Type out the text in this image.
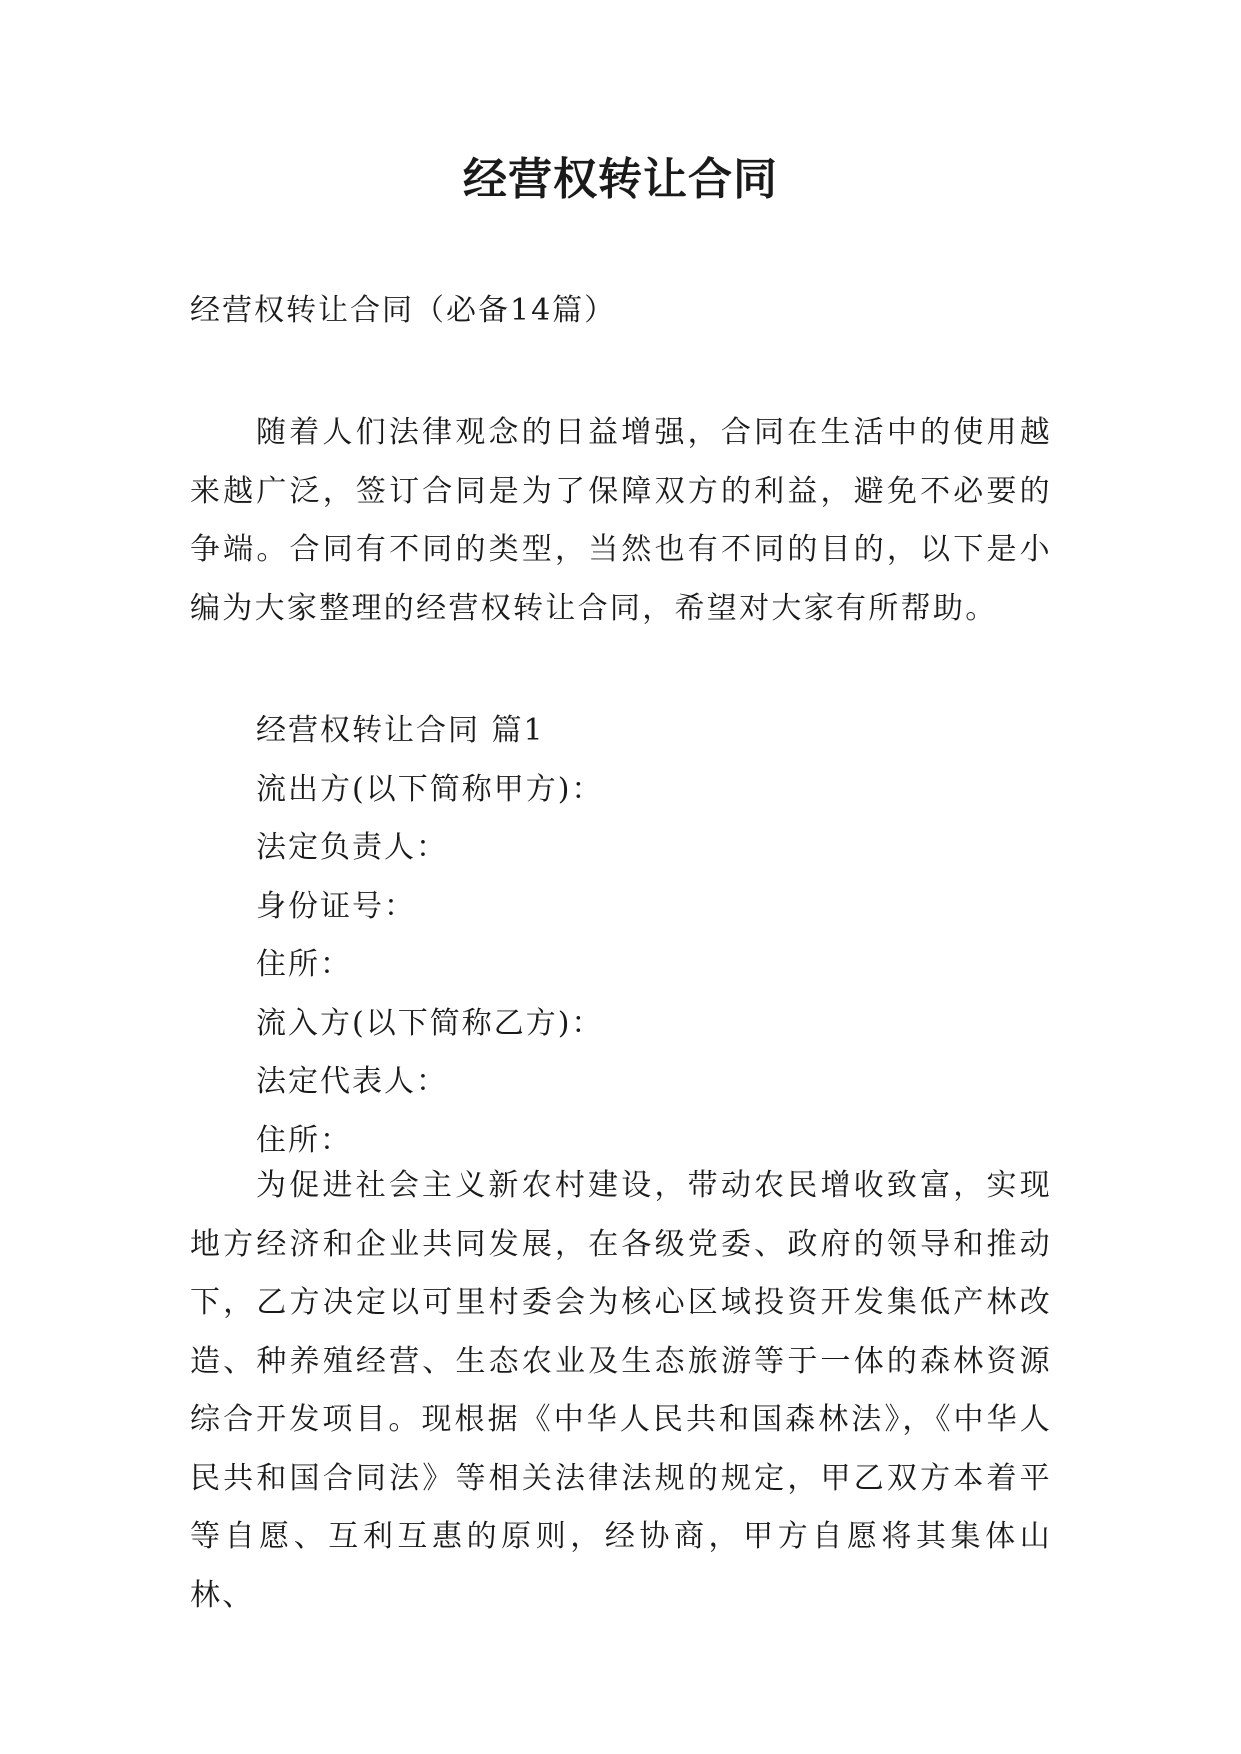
经营权转让合同

经营权转让合同（必备14篇）

随着人们法律观念的日益增强，合同在生活中的使用越来越广泛，签订合同是为了保障双方的利益，避免不必要的争端。合同有不同的类型，当然也有不同的目的，以下是小编为大家整理的经营权转让合同，希望对大家有所帮助。

经营权转让合同 篇1
流出方(以下简称甲方)：
法定负责人：
身份证号：
住所：
流入方(以下简称乙方)：
法定代表人：
住所：

为促进社会主义新农村建设，带动农民增收致富，实现地方经济和企业共同发展，在各级党委、政府的领导和推动下，乙方决定以可里村委会为核心区域投资开发集低产林改造、种养殖经营、生态农业及生态旅游等于一体的森林资源综合开发项目。现根据《中华人民共和国森林法》，《中华人民共和国合同法》等相关法律法规的规定，甲乙双方本着平等自愿、互利互惠的原则，经协商，甲方自愿将其集体山林、
